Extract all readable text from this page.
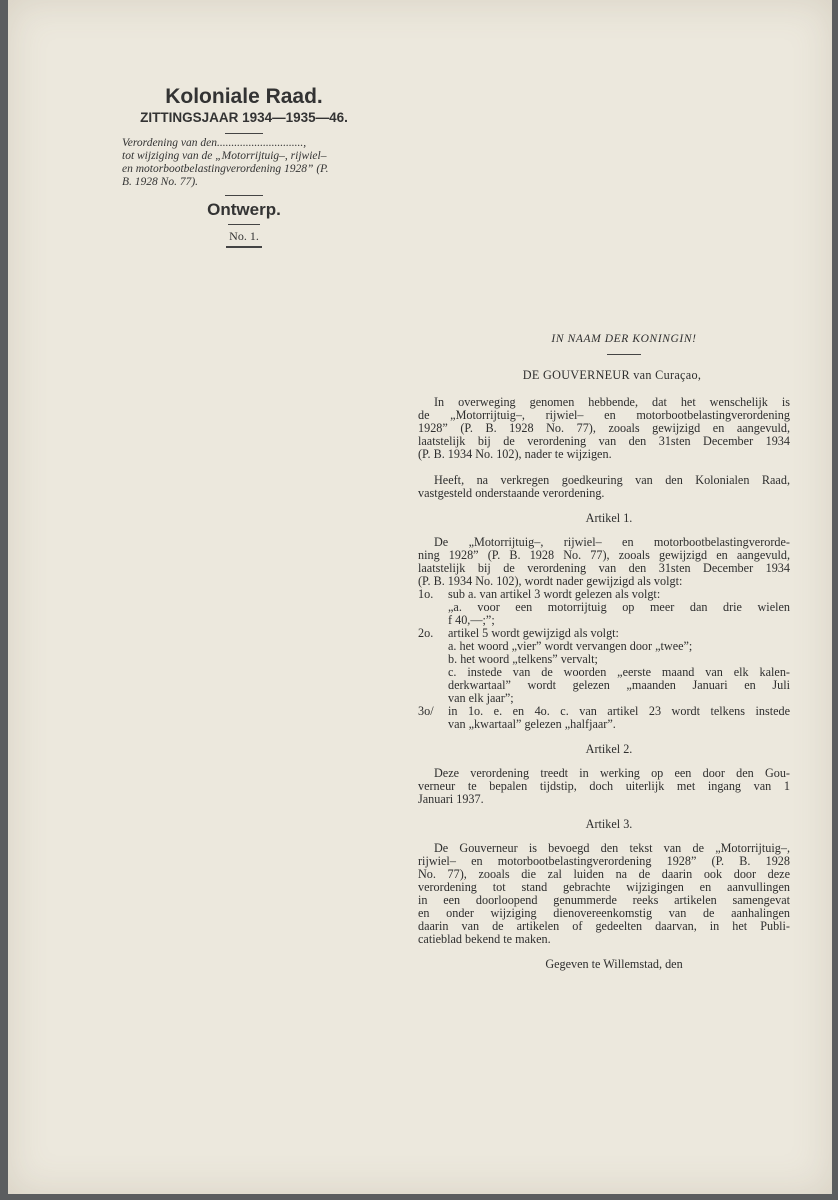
Koloniale Raad.
ZITTINGSJAAR 1934—1935—46.
Verordening van den..............................,
tot wijziging van de „Motorrijtuig–, rijwiel–
en motorbootbelastingverordening 1928” (P.
B. 1928 No. 77).
Ontwerp.
No. 1.
IN NAAM DER KONINGIN!
DE GOUVERNEUR van Curaçao,
In overweging genomen hebbende, dat het wenschelijk is
de „Motorrijtuig–, rijwiel– en motorbootbelastingverordening
1928” (P. B. 1928 No. 77), zooals gewijzigd en aangevuld,
laatstelijk bij de verordening van den 31sten December 1934
(P. B. 1934 No. 102), nader te wijzigen.
Heeft, na verkregen goedkeuring van den Kolonialen Raad,
vastgesteld onderstaande verordening.
Artikel 1.
De „Motorrijtuig–, rijwiel– en motorbootbelastingverorde-
ning 1928” (P. B. 1928 No. 77), zooals gewijzigd en aangevuld,
laatstelijk bij de verordening van den 31sten December 1934
(P. B. 1934 No. 102), wordt nader gewijzigd als volgt:
1o.	sub a. van artikel 3 wordt gelezen als volgt:
„a. voor een motorrijtuig op meer dan drie wielen
f 40,—;”;
2o.	artikel 5 wordt gewijzigd als volgt:
a. het woord „vier” wordt vervangen door „twee”;
b. het woord „telkens” vervalt;
c. instede van de woorden „eerste maand van elk kalen-
derkwartaal” wordt gelezen „maanden Januari en Juli
van elk jaar”;
3o/	in 1o. e. en 4o. c. van artikel 23 wordt telkens instede
van „kwartaal” gelezen „halfjaar”.
Artikel 2.
Deze verordening treedt in werking op een door den Gou-
verneur te bepalen tijdstip, doch uiterlijk met ingang van 1
Januari 1937.
Artikel 3.
De Gouverneur is bevoegd den tekst van de „Motorrijtuig–,
rijwiel– en motorbootbelastingverordening 1928” (P. B. 1928
No. 77), zooals die zal luiden na de daarin ook door deze
verordening tot stand gebrachte wijzigingen en aanvullingen
in een doorloopend genummerde reeks artikelen samengevat
en onder wijziging dienovereenkomstig van de aanhalingen
daarin van de artikelen of gedeelten daarvan, in het Publi-
catieblad bekend te maken.
Gegeven te Willemstad, den
